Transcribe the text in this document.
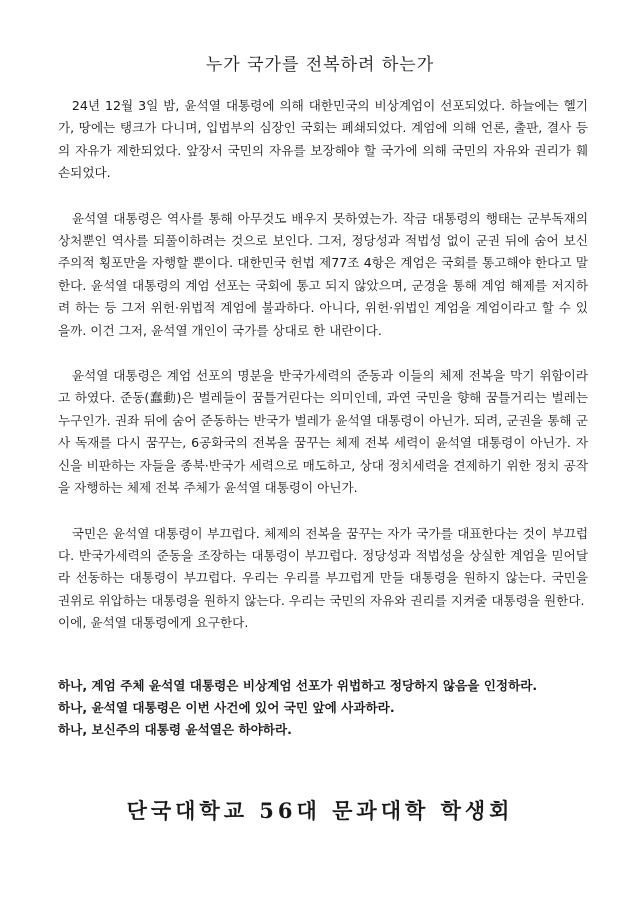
누가 국가를 전복하려 하는가

24년 12월 3일 밤, 윤석열 대통령에 의해 대한민국의 비상계엄이 선포되었다. 하늘에는 헬기가, 땅에는 탱크가 다니며, 입법부의 심장인 국회는 폐쇄되었다. 계엄에 의해 언론, 출판, 결사 등의 자유가 제한되었다. 앞장서 국민의 자유를 보장해야 할 국가에 의해 국민의 자유와 권리가 훼손되었다.

윤석열 대통령은 역사를 통해 아무것도 배우지 못하였는가. 작금 대통령의 행태는 군부독재의 상처뿐인 역사를 되풀이하려는 것으로 보인다. 그저, 정당성과 적법성 없이 군권 뒤에 숨어 보신주의적 횡포만을 자행할 뿐이다. 대한민국 헌법 제77조 4항은 계엄은 국회를 통고해야 한다고 말한다. 윤석열 대통령의 계엄 선포는 국회에 통고 되지 않았으며, 군경을 통해 계엄 해제를 저지하려 하는 등 그저 위헌·위법적 계엄에 불과하다. 아니다, 위헌·위법인 계엄을 계엄이라고 할 수 있을까. 이건 그저, 윤석열 개인이 국가를 상대로 한 내란이다.

윤석열 대통령은 계엄 선포의 명분을 반국가세력의 준동과 이들의 체제 전복을 막기 위함이라고 하였다. 준동(蠢動)은 벌레들이 꿈틀거린다는 의미인데, 과연 국민을 향해 꿈틀거리는 벌레는 누구인가. 권좌 뒤에 숨어 준동하는 반국가 벌레가 윤석열 대통령이 아닌가. 되려, 군권을 통해 군사 독재를 다시 꿈꾸는, 6공화국의 전복을 꿈꾸는 체제 전복 세력이 윤석열 대통령이 아닌가. 자신을 비판하는 자들을 종북·반국가 세력으로 매도하고, 상대 정치세력을 견제하기 위한 정치 공작을 자행하는 체제 전복 주체가 윤석열 대통령이 아닌가.

국민은 윤석열 대통령이 부끄럽다. 체제의 전복을 꿈꾸는 자가 국가를 대표한다는 것이 부끄럽다. 반국가세력의 준동을 조장하는 대통령이 부끄럽다. 정당성과 적법성을 상실한 계엄을 믿어달라 선동하는 대통령이 부끄럽다. 우리는 우리를 부끄럽게 만들 대통령을 원하지 않는다. 국민을 권위로 위압하는 대통령을 원하지 않는다. 우리는 국민의 자유와 권리를 지켜줄 대통령을 원한다.

이에, 윤석열 대통령에게 요구한다.

하나, 계엄 주체 윤석열 대통령은 비상계엄 선포가 위법하고 정당하지 않음을 인정하라.

하나, 윤석열 대통령은 이번 사건에 있어 국민 앞에 사과하라.

하나, 보신주의 대통령 윤석열은 하야하라.

단국대학교 56대 문과대학 학생회
